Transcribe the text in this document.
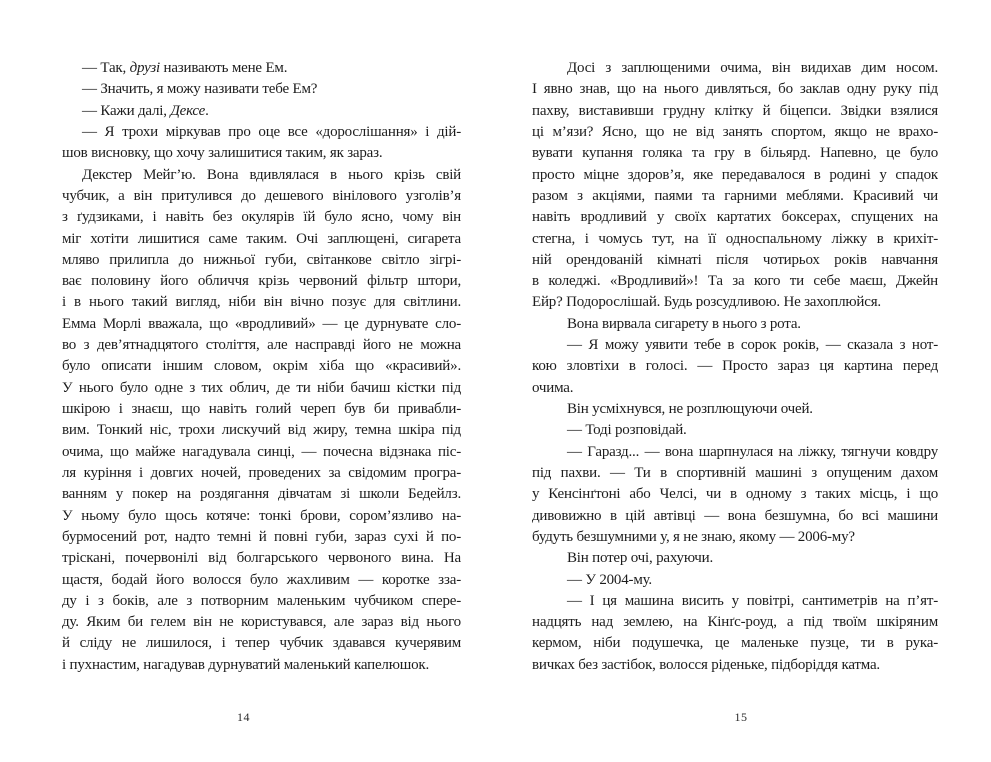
— Так, друзі називають мене Ем.
— Значить, я можу називати тебе Ем?
— Кажи далі, Дексе.
— Я трохи міркував про оце все «дорослішання» і дій-
шов висновку, що хочу залишитися таким, як зараз.
Декстер Мейг’ю. Вона вдивлялася в нього крізь свій
чубчик, а він притулився до дешевого вінілового узголів’я
з ґудзиками, і навіть без окулярів їй було ясно, чому він
міг хотіти лишитися саме таким. Очі заплющені, сигарета
мляво прилипла до нижньої губи, світанкове світло зігрі-
ває половину його обличчя крізь червоний фільтр штори,
і в нього такий вигляд, ніби він вічно позує для світлини.
Емма Морлі вважала, що «вродливий» — це дурнувате сло-
во з дев’ятнадцятого століття, але насправді його не можна
було описати іншим словом, окрім хіба що «красивий».
У нього було одне з тих облич, де ти ніби бачиш кістки під
шкірою і знаєш, що навіть голий череп був би привабли-
вим. Тонкий ніс, трохи лискучий від жиру, темна шкіра під
очима, що майже нагадувала синці, — почесна відзнака піс-
ля куріння і довгих ночей, проведених за свідомим програ-
ванням у покер на роздягання дівчатам зі школи Бедейлз.
У ньому було щось котяче: тонкі брови, сором’язливо на-
бурмосений рот, надто темні й повні губи, зараз сухі й по-
тріскані, почервонілі від болгарського червоного вина. На
щастя, бодай його волосся було жахливим — коротке зза-
ду і з боків, але з потворним маленьким чубчиком спере-
ду. Яким би гелем він не користувався, але зараз від нього
й сліду не лишилося, і тепер чубчик здавався кучерявим
і пухнастим, нагадував дурнуватий маленький капелюшок.
14
Досі з заплющеними очима, він видихав дим носом.
І явно знав, що на нього дивляться, бо заклав одну руку під
пахву, виставивши грудну клітку й біцепси. Звідки взялися
ці м’язи? Ясно, що не від занять спортом, якщо не врахо-
вувати купання голяка та гру в більярд. Напевно, це було
просто міцне здоров’я, яке передавалося в родині у спадок
разом з акціями, паями та гарними меблями. Красивий чи
навіть вродливий у своїх картатих боксерах, спущених на
стегна, і чомусь тут, на її односпальному ліжку в крихіт-
ній орендованій кімнаті після чотирьох років навчання
в коледжі. «Вродливий»! Та за кого ти себе маєш, Джейн
Ейр? Подорослішай. Будь розсудливою. Не захоплюйся.
Вона вирвала сигарету в нього з рота.
— Я можу уявити тебе в сорок років, — сказала з нот-
кою зловтіхи в голосі. — Просто зараз ця картина перед
очима.
Він усміхнувся, не розплющуючи очей.
— Тоді розповідай.
— Гаразд... — вона шарпнулася на ліжку, тягнучи ковдру
під пахви. — Ти в спортивній машині з опущеним дахом
у Кенсінґтоні або Челсі, чи в одному з таких місць, і що
дивовижно в цій автівці — вона безшумна, бо всі машини
будуть безшумними у, я не знаю, якому — 2006-му?
Він потер очі, рахуючи.
— У 2004-му.
— І ця машина висить у повітрі, сантиметрів на п’ят-
надцять над землею, на Кінґс-роуд, а під твоїм шкіряним
кермом, ніби подушечка, це маленьке пузце, ти в рука-
вичках без застібок, волосся ріденьке, підборіддя катма.
15
